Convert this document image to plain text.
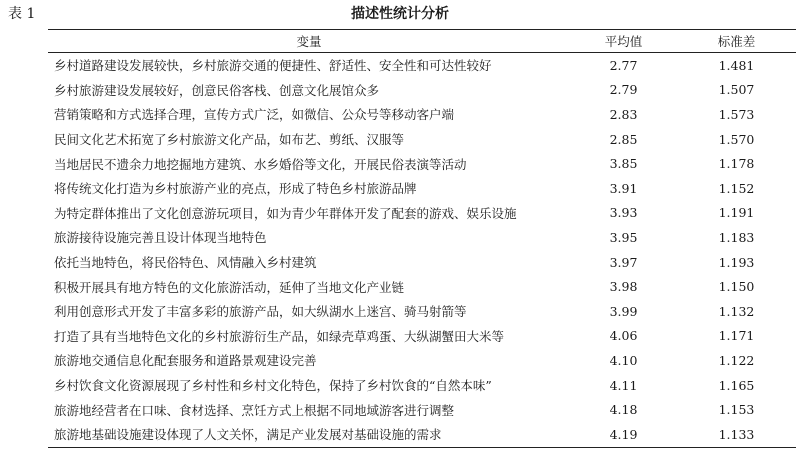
表 1	描述性统计分析
变量	平均值	标准差
乡村道路建设发展较快，乡村旅游交通的便捷性、舒适性、安全性和可达性较好	2.77	1.481
乡村旅游建设发展较好，创意民俗客栈、创意文化展馆众多	2.79	1.507
营销策略和方式选择合理，宣传方式广泛，如微信、公众号等移动客户端	2.83	1.573
民间文化艺术拓宽了乡村旅游文化产品，如布艺、剪纸、汉服等	2.85	1.570
当地居民不遗余力地挖掘地方建筑、水乡婚俗等文化，开展民俗表演等活动	3.85	1.178
将传统文化打造为乡村旅游产业的亮点，形成了特色乡村旅游品牌	3.91	1.152
为特定群体推出了文化创意游玩项目，如为青少年群体开发了配套的游戏、娱乐设施	3.93	1.191
旅游接待设施完善且设计体现当地特色	3.95	1.183
依托当地特色，将民俗特色、风情融入乡村建筑	3.97	1.193
积极开展具有地方特色的文化旅游活动，延伸了当地文化产业链	3.98	1.150
利用创意形式开发了丰富多彩的旅游产品，如大纵湖水上迷宫、骑马射箭等	3.99	1.132
打造了具有当地特色文化的乡村旅游衍生产品，如绿壳草鸡蛋、大纵湖蟹田大米等	4.06	1.171
旅游地交通信息化配套服务和道路景观建设完善	4.10	1.122
乡村饮食文化资源展现了乡村性和乡村文化特色，保持了乡村饮食的“自然本味”	4.11	1.165
旅游地经营者在口味、食材选择、烹饪方式上根据不同地域游客进行调整	4.18	1.153
旅游地基础设施建设体现了人文关怀，满足产业发展对基础设施的需求	4.19	1.133
